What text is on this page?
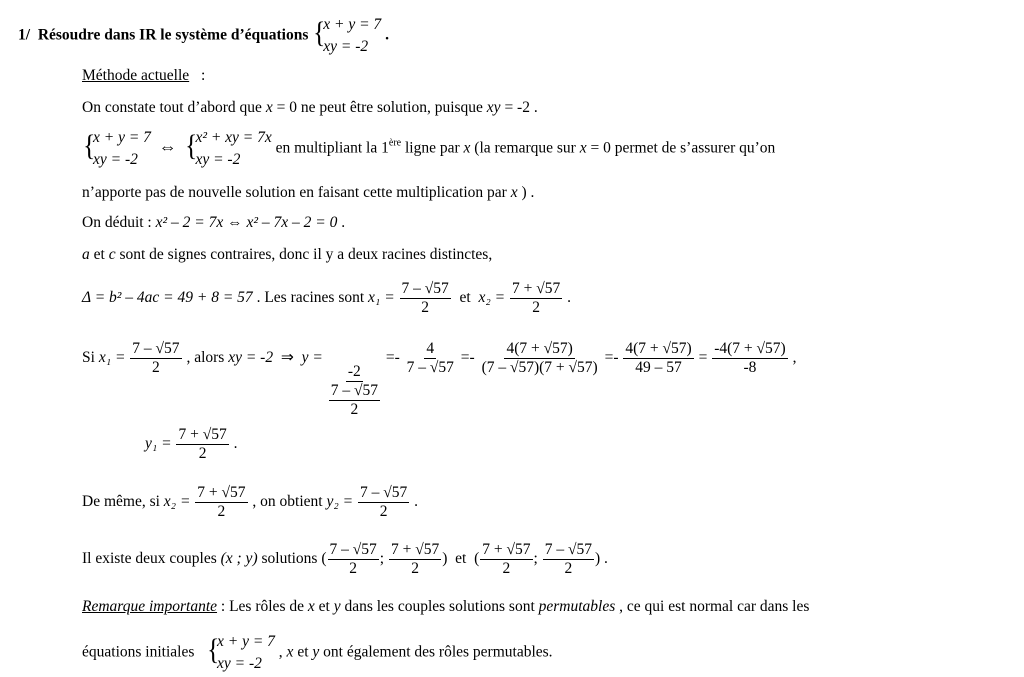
1/ Résoudre dans IR le système d’équations {
x + y = 7
xy = -2
.
Méthode actuelle :
On constate tout d’abord que x = 0 ne peut être solution, puisque xy = -2 .
{
x + y = 7
xy = -2
⇔ {
x² + xy = 7x
xy = -2
en multipliant la 1ère ligne par x (la remarque sur x = 0 permet de s’assurer qu’on
n’apporte pas de nouvelle solution en faisant cette multiplication par x ) .
On déduit : x² – 2 = 7x ⇔ x² – 7x – 2 = 0 .
a et c sont de signes contraires, donc il y a deux racines distinctes,
Δ = b² – 4ac = 49 + 8 = 57 . Les racines sont $x_1 = \frac{7 - √57}{2}$ et $x_2 = \frac{7 + √57}{2}$ .
Si $x_1 = \frac{7 - √57}{2}$ , alors xy = -2 ⇒ y =
$\frac{-2}{\frac{7 - √57}{2}}$
=- $\frac{4}{7 - √57} =- \frac{4(7 + √57)}{(7 - √57)(7 + √57)} =- \frac{4(7 + √57)}{49 - 57} = \frac{-4(7 + √57)}{-8}$ ,
$y_1 = \frac{7 + √57}{2}$ .
De même, si $x_2 = \frac{7 + √57}{2}$ , on obtient $y_2 = \frac{7 - √57}{2}$ .
Il existe deux couples (x ; y) solutions ( $\frac{7 - √57}{2}$ ; $\frac{7 + √57}{2}$ )  et  ( $\frac{7 + √57}{2}$ ; $\frac{7 - √57}{2}$ ) .
Remarque importante : Les rôles de x et y dans les couples solutions sont permutables , ce qui est normal car dans les
équations initiales {
x + y = 7
xy = -2
, x et y ont également des rôles permutables.
